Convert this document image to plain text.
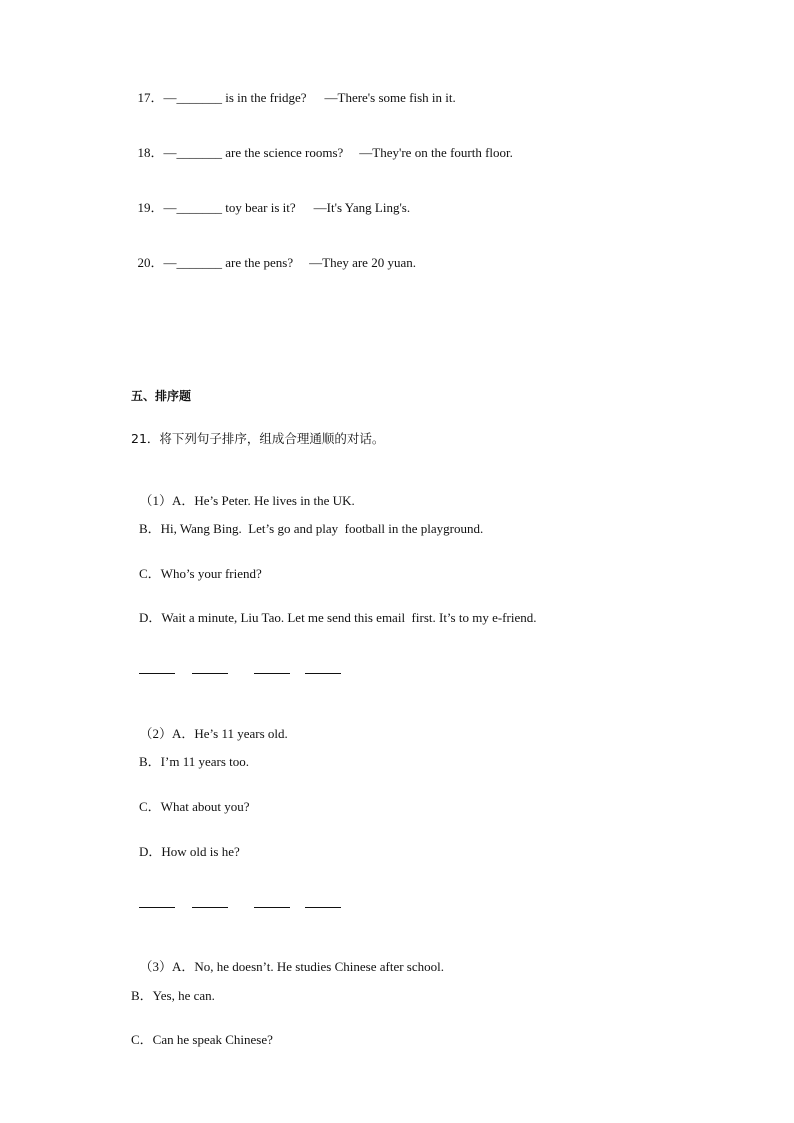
17．—_______ is in the fridge? —There's some fish in it.

18．—_______ are the science rooms? —They're on the fourth floor.

19．—_______ toy bear is it? —It's Yang Ling's.

20．—_______ are the pens? —They are 20 yuan.

五、排序题
21．将下列句子排序，组成合理通顺的对话。

（1）A．He’s Peter. He lives in the UK.

B．Hi, Wang Bing.  Let’s go and play  football in the playground.
C．Who’s your friend?
D．Wait a minute, Liu Tao. Let me send this email  first. It’s to my e-friend.

（2）A．He’s 11 years old.

B．I’m 11 years too.
C．What about you?
D．How old is he?

（3）A．No, he doesn’t. He studies Chinese after school.

B．Yes, he can.
C．Can he speak Chinese?
